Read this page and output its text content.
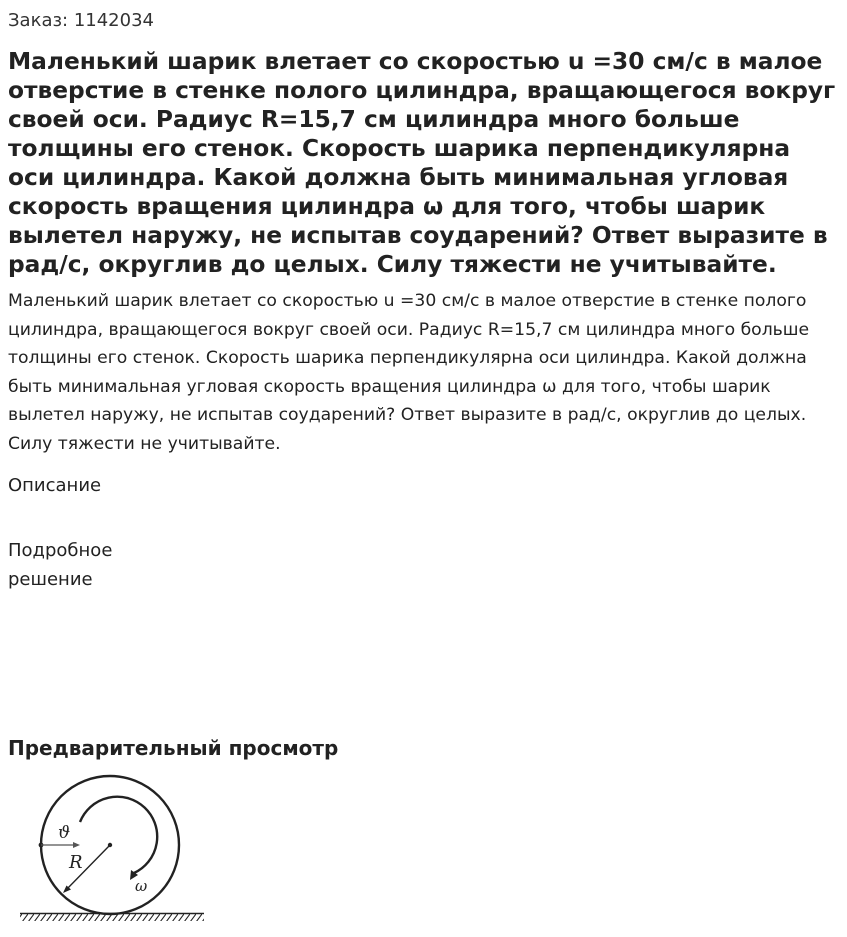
Заказ: 1142034
Маленький шарик влетает со скоростью u =30 см/с в малое отверстие в стенке полого цилиндра, вращающегося вокруг своей оси. Радиус R=15,7 см цилиндра много больше толщины его стенок. Скорость шарика перпендикулярна оси цилиндра. Какой должна быть минимальная угловая скорость вращения цилиндра ω для того, чтобы шарик вылетел наружу, не испытав соударений? Ответ выразите в рад/с, округлив до целых. Силу тяжести не учитывайте.

Маленький шарик влетает со скоростью u =30 см/с в малое отверстие в стенке полого цилиндра, вращающегося вокруг своей оси. Радиус R=15,7 см цилиндра много больше толщины его стенок. Скорость шарика перпендикулярна оси цилиндра. Какой должна быть минимальная угловая скорость вращения цилиндра ω для того, чтобы шарик вылетел наружу, не испытав соударений? Ответ выразите в рад/с, округлив до целых. Силу тяжести не учитывайте.

Описание
Подробное решение
Предварительный просмотр
ϑ
R
ω
